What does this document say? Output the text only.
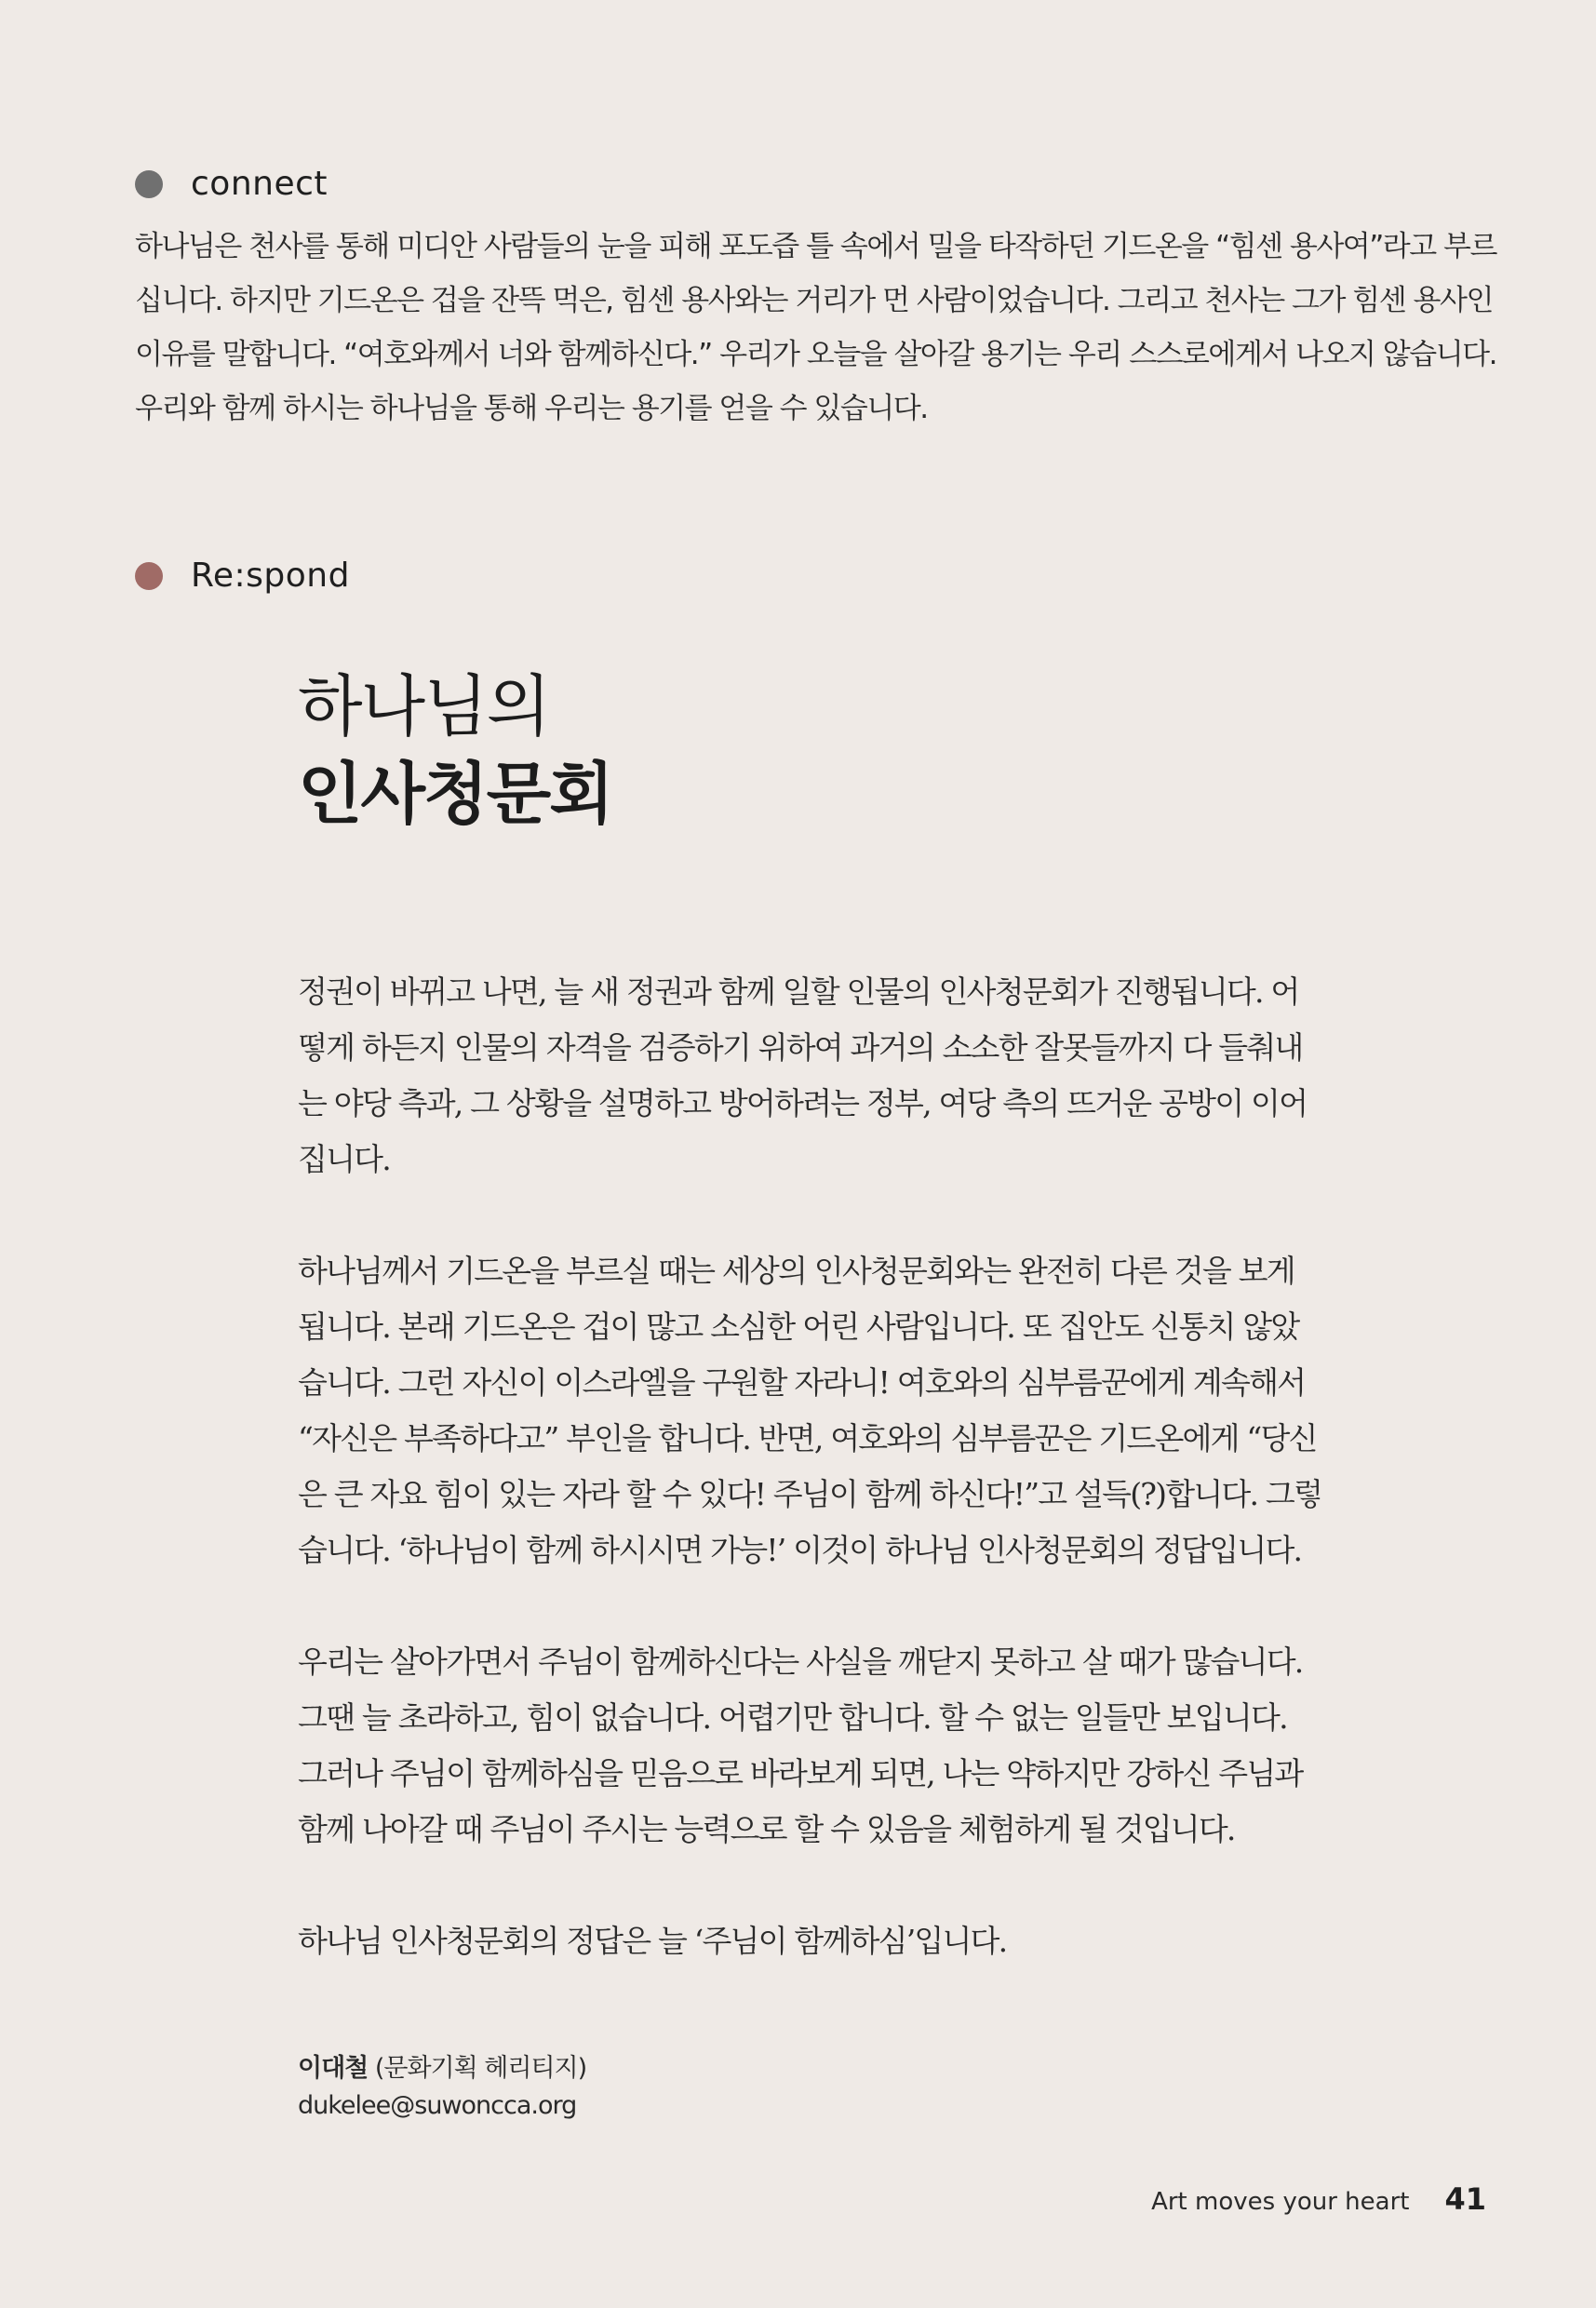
connect

하나님은 천사를 통해 미디안 사람들의 눈을 피해 포도즙 틀 속에서 밀을 타작하던 기드온을 “힘센 용사여”라고 부르

십니다. 하지만 기드온은 겁을 잔뜩 먹은, 힘센 용사와는 거리가 먼 사람이었습니다. 그리고 천사는 그가 힘센 용사인

이유를 말합니다. “여호와께서 너와 함께하신다.” 우리가 오늘을 살아갈 용기는 우리 스스로에게서 나오지 않습니다.

우리와 함께 하시는 하나님을 통해 우리는 용기를 얻을 수 있습니다.

Re:spond
하나님의
인사청문회
정권이 바뀌고 나면, 늘 새 정권과 함께 일할 인물의 인사청문회가 진행됩니다. 어
떻게 하든지 인물의 자격을 검증하기 위하여 과거의 소소한 잘못들까지 다 들춰내
는 야당 측과, 그 상황을 설명하고 방어하려는 정부, 여당 측의 뜨거운 공방이 이어
집니다.
하나님께서 기드온을 부르실 때는 세상의 인사청문회와는 완전히 다른 것을 보게
됩니다. 본래 기드온은 겁이 많고 소심한 어린 사람입니다. 또 집안도 신통치 않았
습니다. 그런 자신이 이스라엘을 구원할 자라니! 여호와의 심부름꾼에게 계속해서
“자신은 부족하다고” 부인을 합니다. 반면, 여호와의 심부름꾼은 기드온에게 “당신
은 큰 자요 힘이 있는 자라 할 수 있다! 주님이 함께 하신다!”고 설득(?)합니다. 그렇
습니다. ‘하나님이 함께 하시시면 가능!’ 이것이 하나님 인사청문회의 정답입니다.
우리는 살아가면서 주님이 함께하신다는 사실을 깨닫지 못하고 살 때가 많습니다.
그땐 늘 초라하고, 힘이 없습니다. 어렵기만 합니다. 할 수 없는 일들만 보입니다.
그러나 주님이 함께하심을 믿음으로 바라보게 되면, 나는 약하지만 강하신 주님과
함께 나아갈 때 주님이 주시는 능력으로 할 수 있음을 체험하게 될 것입니다.
하나님 인사청문회의 정답은 늘 ‘주님이 함께하심’입니다.
이대철 (문화기획 헤리티지)
dukelee@suwoncca.org
Art moves your heart 41
